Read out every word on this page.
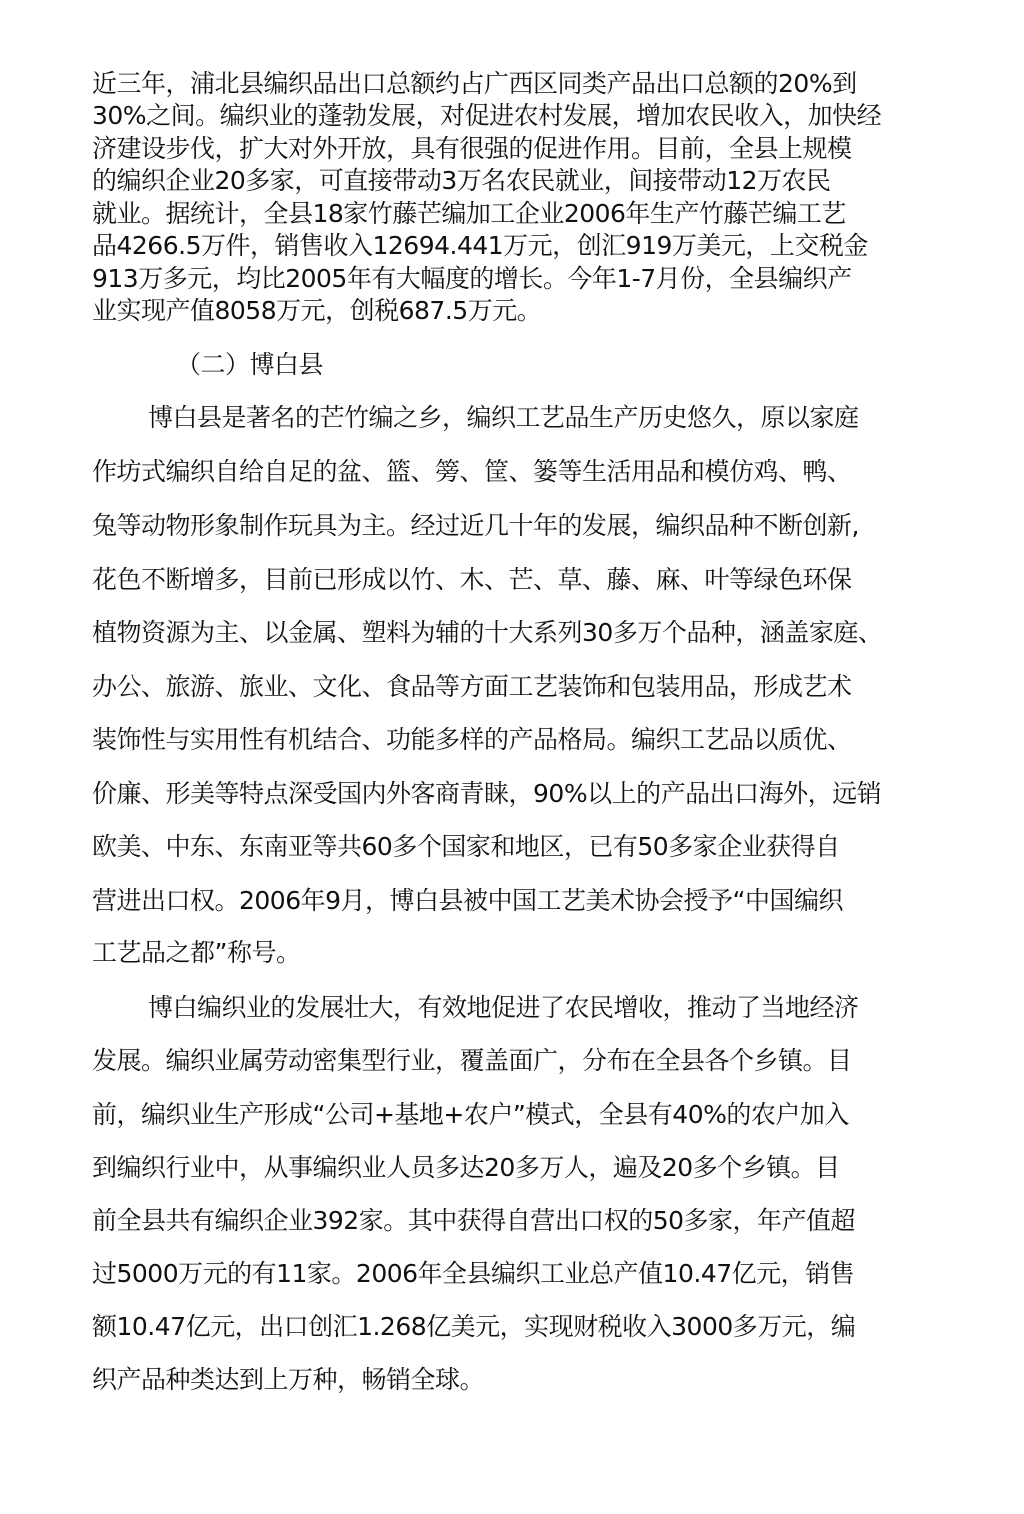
近三年，浦北县编织品出口总额约占广西区同类产品出口总额的20%到
30%之间。编织业的蓬勃发展，对促进农村发展，增加农民收入，加快经
济建设步伐，扩大对外开放，具有很强的促进作用。目前，全县上规模
的编织企业20多家，可直接带动3万名农民就业，间接带动12万农民
就业。据统计，全县18家竹藤芒编加工企业2006年生产竹藤芒编工艺
品4266.5万件，销售收入12694.441万元，创汇919万美元，上交税金
913万多元，均比2005年有大幅度的增长。今年1-7月份，全县编织产
业实现产值8058万元，创税687.5万元。
（二）博白县
博白县是著名的芒竹编之乡，编织工艺品生产历史悠久，原以家庭
作坊式编织自给自足的盆、篮、篣、筐、篓等生活用品和模仿鸡、鸭、
兔等动物形象制作玩具为主。经过近几十年的发展，编织品种不断创新,
花色不断增多，目前已形成以竹、木、芒、草、藤、麻、叶等绿色环保
植物资源为主、以金属、塑料为辅的十大系列30多万个品种，涵盖家庭、
办公、旅游、旅业、文化、食品等方面工艺装饰和包装用品，形成艺术
装饰性与实用性有机结合、功能多样的产品格局。编织工艺品以质优、
价廉、形美等特点深受国内外客商青睐，90%以上的产品出口海外，远销
欧美、中东、东南亚等共60多个国家和地区，已有50多家企业获得自
营进出口权。2006年9月，博白县被中国工艺美术协会授予“中国编织
工艺品之都”称号。
博白编织业的发展壮大，有效地促进了农民增收，推动了当地经济
发展。编织业属劳动密集型行业，覆盖面广，分布在全县各个乡镇。目
前，编织业生产形成“公司+基地+农户”模式，全县有40%的农户加入
到编织行业中，从事编织业人员多达20多万人，遍及20多个乡镇。目
前全县共有编织企业392家。其中获得自营出口权的50多家，年产值超
过5000万元的有11家。2006年全县编织工业总产值10.47亿元，销售
额10.47亿元，出口创汇1.268亿美元，实现财税收入3000多万元，编
织产品种类达到上万种，畅销全球。
